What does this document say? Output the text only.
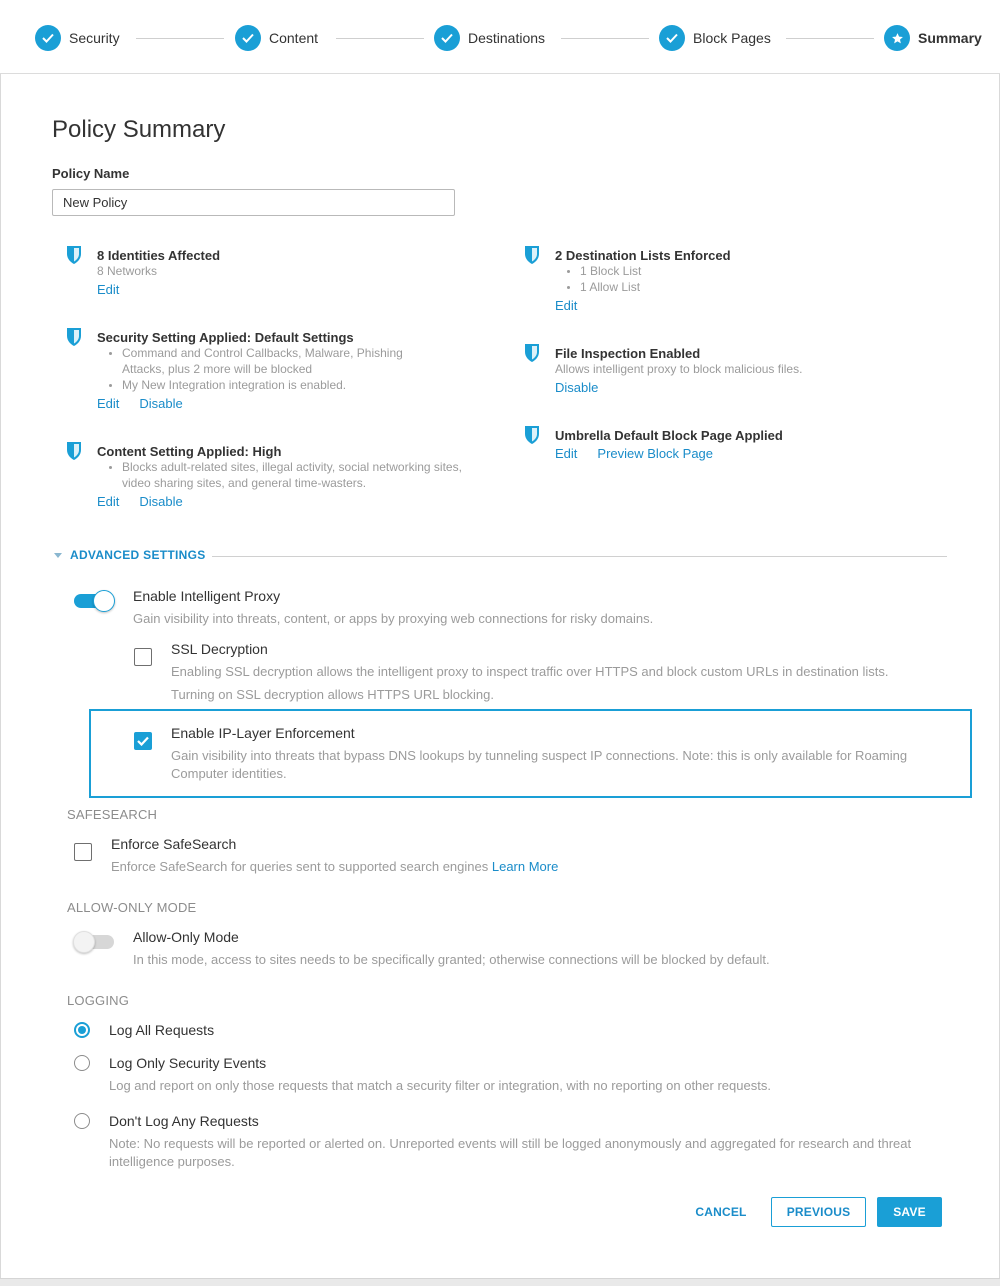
Security	Content	Destinations	Block Pages	Summary
Policy Summary
Policy Name
New Policy
8 Identities Affected
8 Networks
Edit
Security Setting Applied: Default Settings
Command and Control Callbacks, Malware, Phishing Attacks, plus 2 more will be blocked
My New Integration integration is enabled.
Edit Disable
Content Setting Applied: High
Blocks adult-related sites, illegal activity, social networking sites, video sharing sites, and general time-wasters.
Edit Disable
2 Destination Lists Enforced
1 Block List
1 Allow List
Edit
File Inspection Enabled
Allows intelligent proxy to block malicious files.
Disable
Umbrella Default Block Page Applied
Edit Preview Block Page
ADVANCED SETTINGS
Enable Intelligent Proxy
Gain visibility into threats, content, or apps by proxying web connections for risky domains.
SSL Decryption
Enabling SSL decryption allows the intelligent proxy to inspect traffic over HTTPS and block custom URLs in destination lists.
Turning on SSL decryption allows HTTPS URL blocking.
Enable IP-Layer Enforcement
Gain visibility into threats that bypass DNS lookups by tunneling suspect IP connections. Note: this is only available for Roaming Computer identities.
SAFESEARCH
Enforce SafeSearch
Enforce SafeSearch for queries sent to supported search engines Learn More
ALLOW-ONLY MODE
Allow-Only Mode
In this mode, access to sites needs to be specifically granted; otherwise connections will be blocked by default.
LOGGING
Log All Requests
Log Only Security Events
Log and report on only those requests that match a security filter or integration, with no reporting on other requests.
Don't Log Any Requests
Note: No requests will be reported or alerted on. Unreported events will still be logged anonymously and aggregated for research and threat intelligence purposes.
CANCEL	PREVIOUS	SAVE
